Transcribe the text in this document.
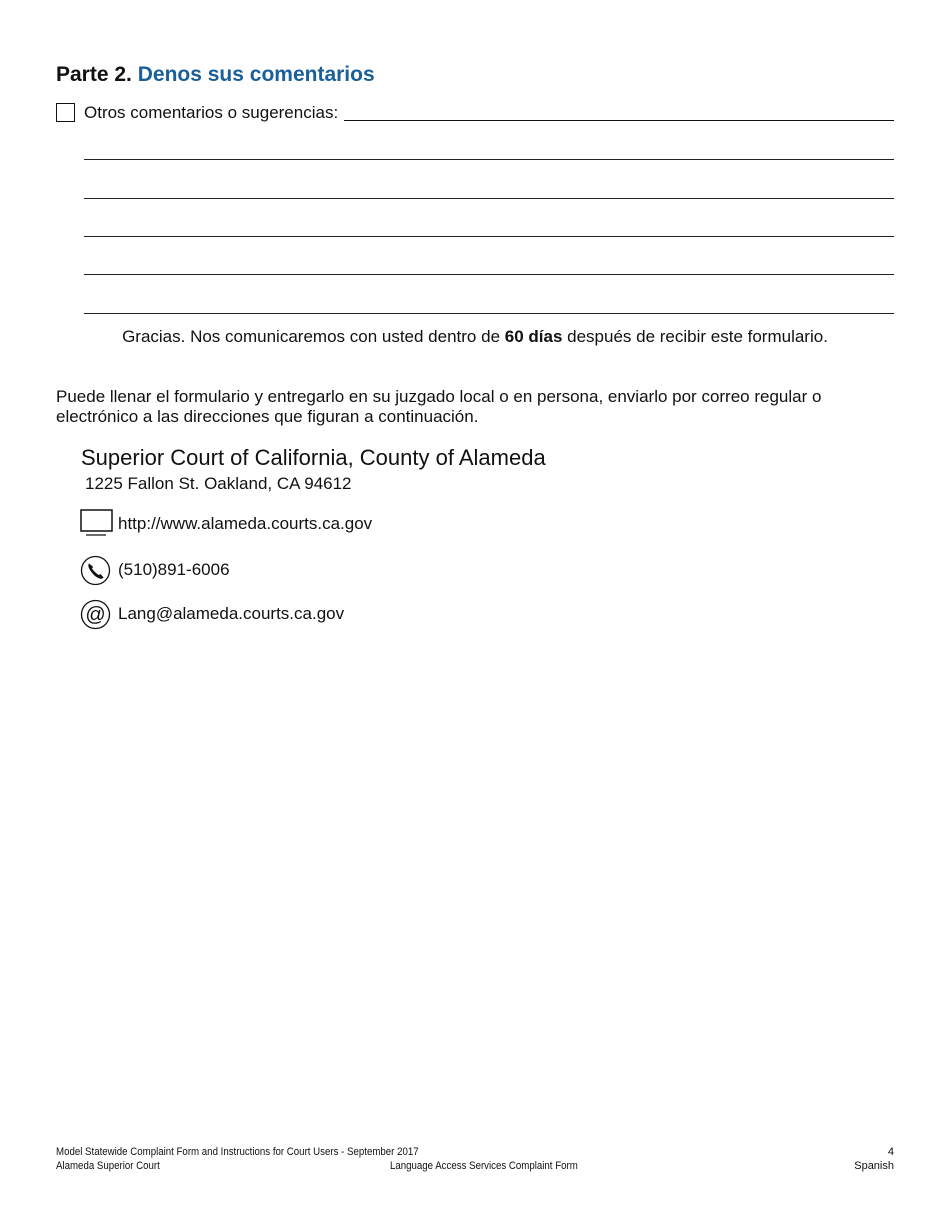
Parte 2. Denos sus comentarios
Otros comentarios o sugerencias:

Gracias. Nos comunicaremos con usted dentro de 60 días después de recibir este formulario.

Puede llenar el formulario y entregarlo en su juzgado local o en persona, enviarlo por correo regular o electrónico a las direcciones que figuran a continuación.

Superior Court of California, County of Alameda
1225 Fallon St. Oakland, CA 94612
http://www.alameda.courts.ca.gov
(510)891-6006
@ Lang@alameda.courts.ca.gov
Model Statewide Complaint Form and Instructions for Court Users - September 2017
Alameda Superior Court	Language Access Services Complaint Form
4
Spanish
